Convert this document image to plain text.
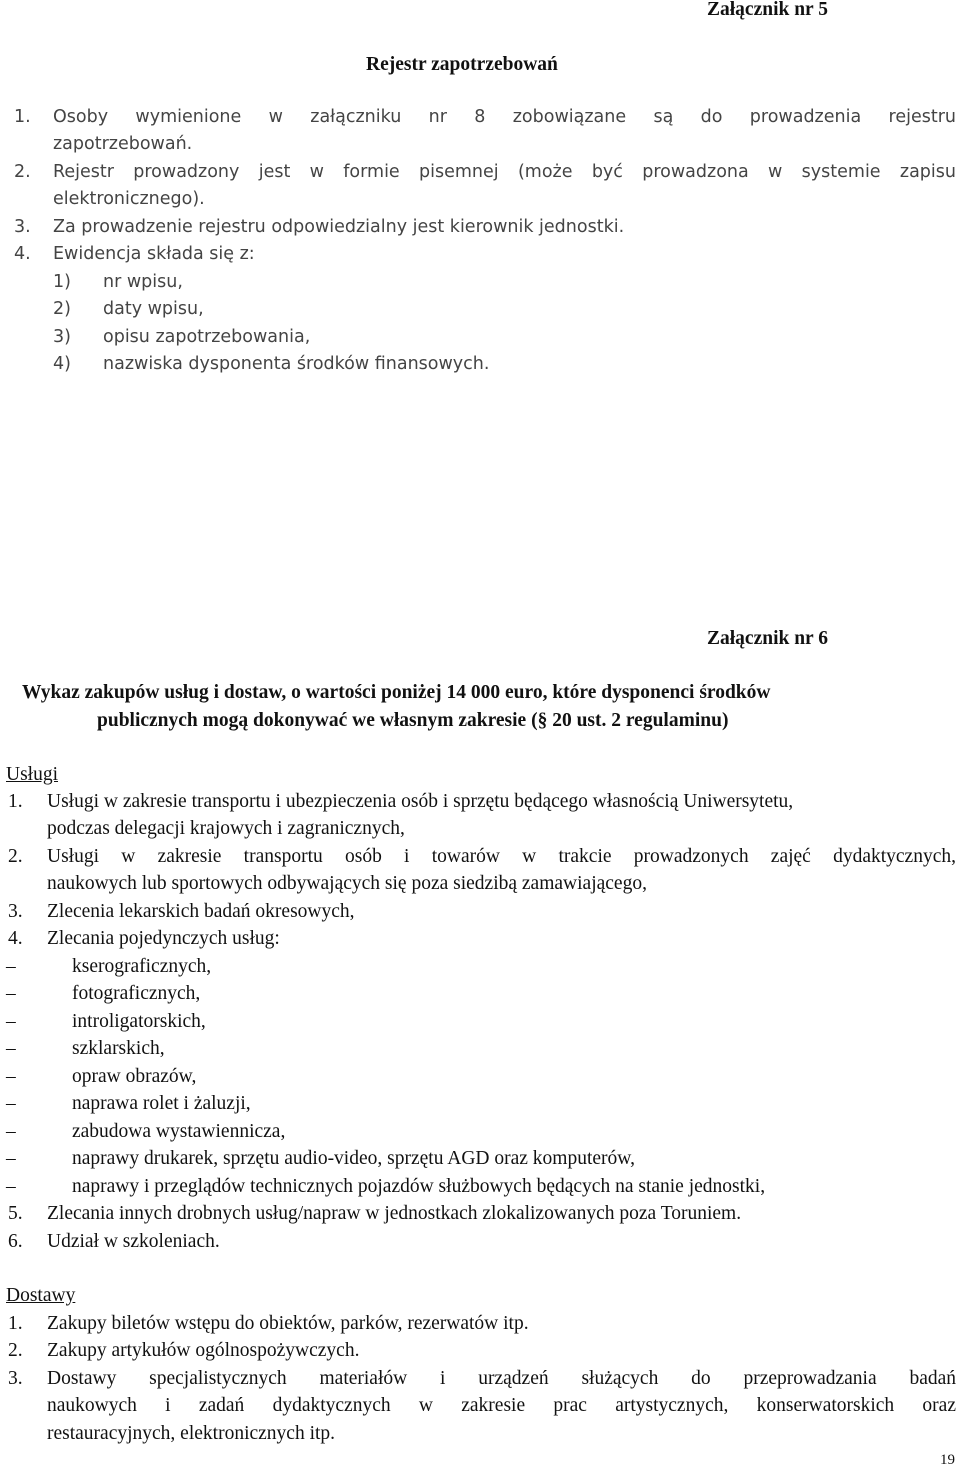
Załącznik nr 5
Rejestr zapotrzebowań
1. Osoby wymienione w załączniku nr 8 zobowiązane są do prowadzenia rejestru
zapotrzebowań.
2. Rejestr prowadzony jest w formie pisemnej (może być prowadzona w systemie zapisu
elektronicznego).
3. Za prowadzenie rejestru odpowiedzialny jest kierownik jednostki.
4. Ewidencja składa się z:
1) nr wpisu,
2) daty wpisu,
3) opisu zapotrzebowania,
4) nazwiska dysponenta środków finansowych.
Załącznik nr 6
Wykaz zakupów usług i dostaw, o wartości poniżej 14 000 euro, które dysponenci środków
publicznych mogą dokonywać we własnym zakresie (§ 20 ust. 2 regulaminu)
Usługi
1. Usługi w zakresie transportu i ubezpieczenia osób i sprzętu będącego własnością Uniwersytetu,
podczas delegacji krajowych i zagranicznych,
2. Usługi w zakresie transportu osób i towarów w trakcie prowadzonych zajęć dydaktycznych,
naukowych lub sportowych odbywających się poza siedzibą zamawiającego,
3. Zlecenia lekarskich badań okresowych,
4. Zlecania pojedynczych usług:
–	kserograficznych,
–	fotograficznych,
–	introligatorskich,
–	szklarskich,
–	opraw obrazów,
–	naprawa rolet i żaluzji,
–	zabudowa wystawiennicza,
–	naprawy drukarek, sprzętu audio-video, sprzętu AGD oraz komputerów,
–	naprawy i przeglądów technicznych pojazdów służbowych będących na stanie jednostki,
5. Zlecania innych drobnych usług/napraw w jednostkach zlokalizowanych poza Toruniem.
6. Udział w szkoleniach.
Dostawy
1. Zakupy biletów wstępu do obiektów, parków, rezerwatów itp.
2. Zakupy artykułów ogólnospożywczych.
3. Dostawy specjalistycznych materiałów i urządzeń służących do przeprowadzania badań
naukowych i zadań dydaktycznych w zakresie prac artystycznych, konserwatorskich oraz
restauracyjnych, elektronicznych itp.
19
